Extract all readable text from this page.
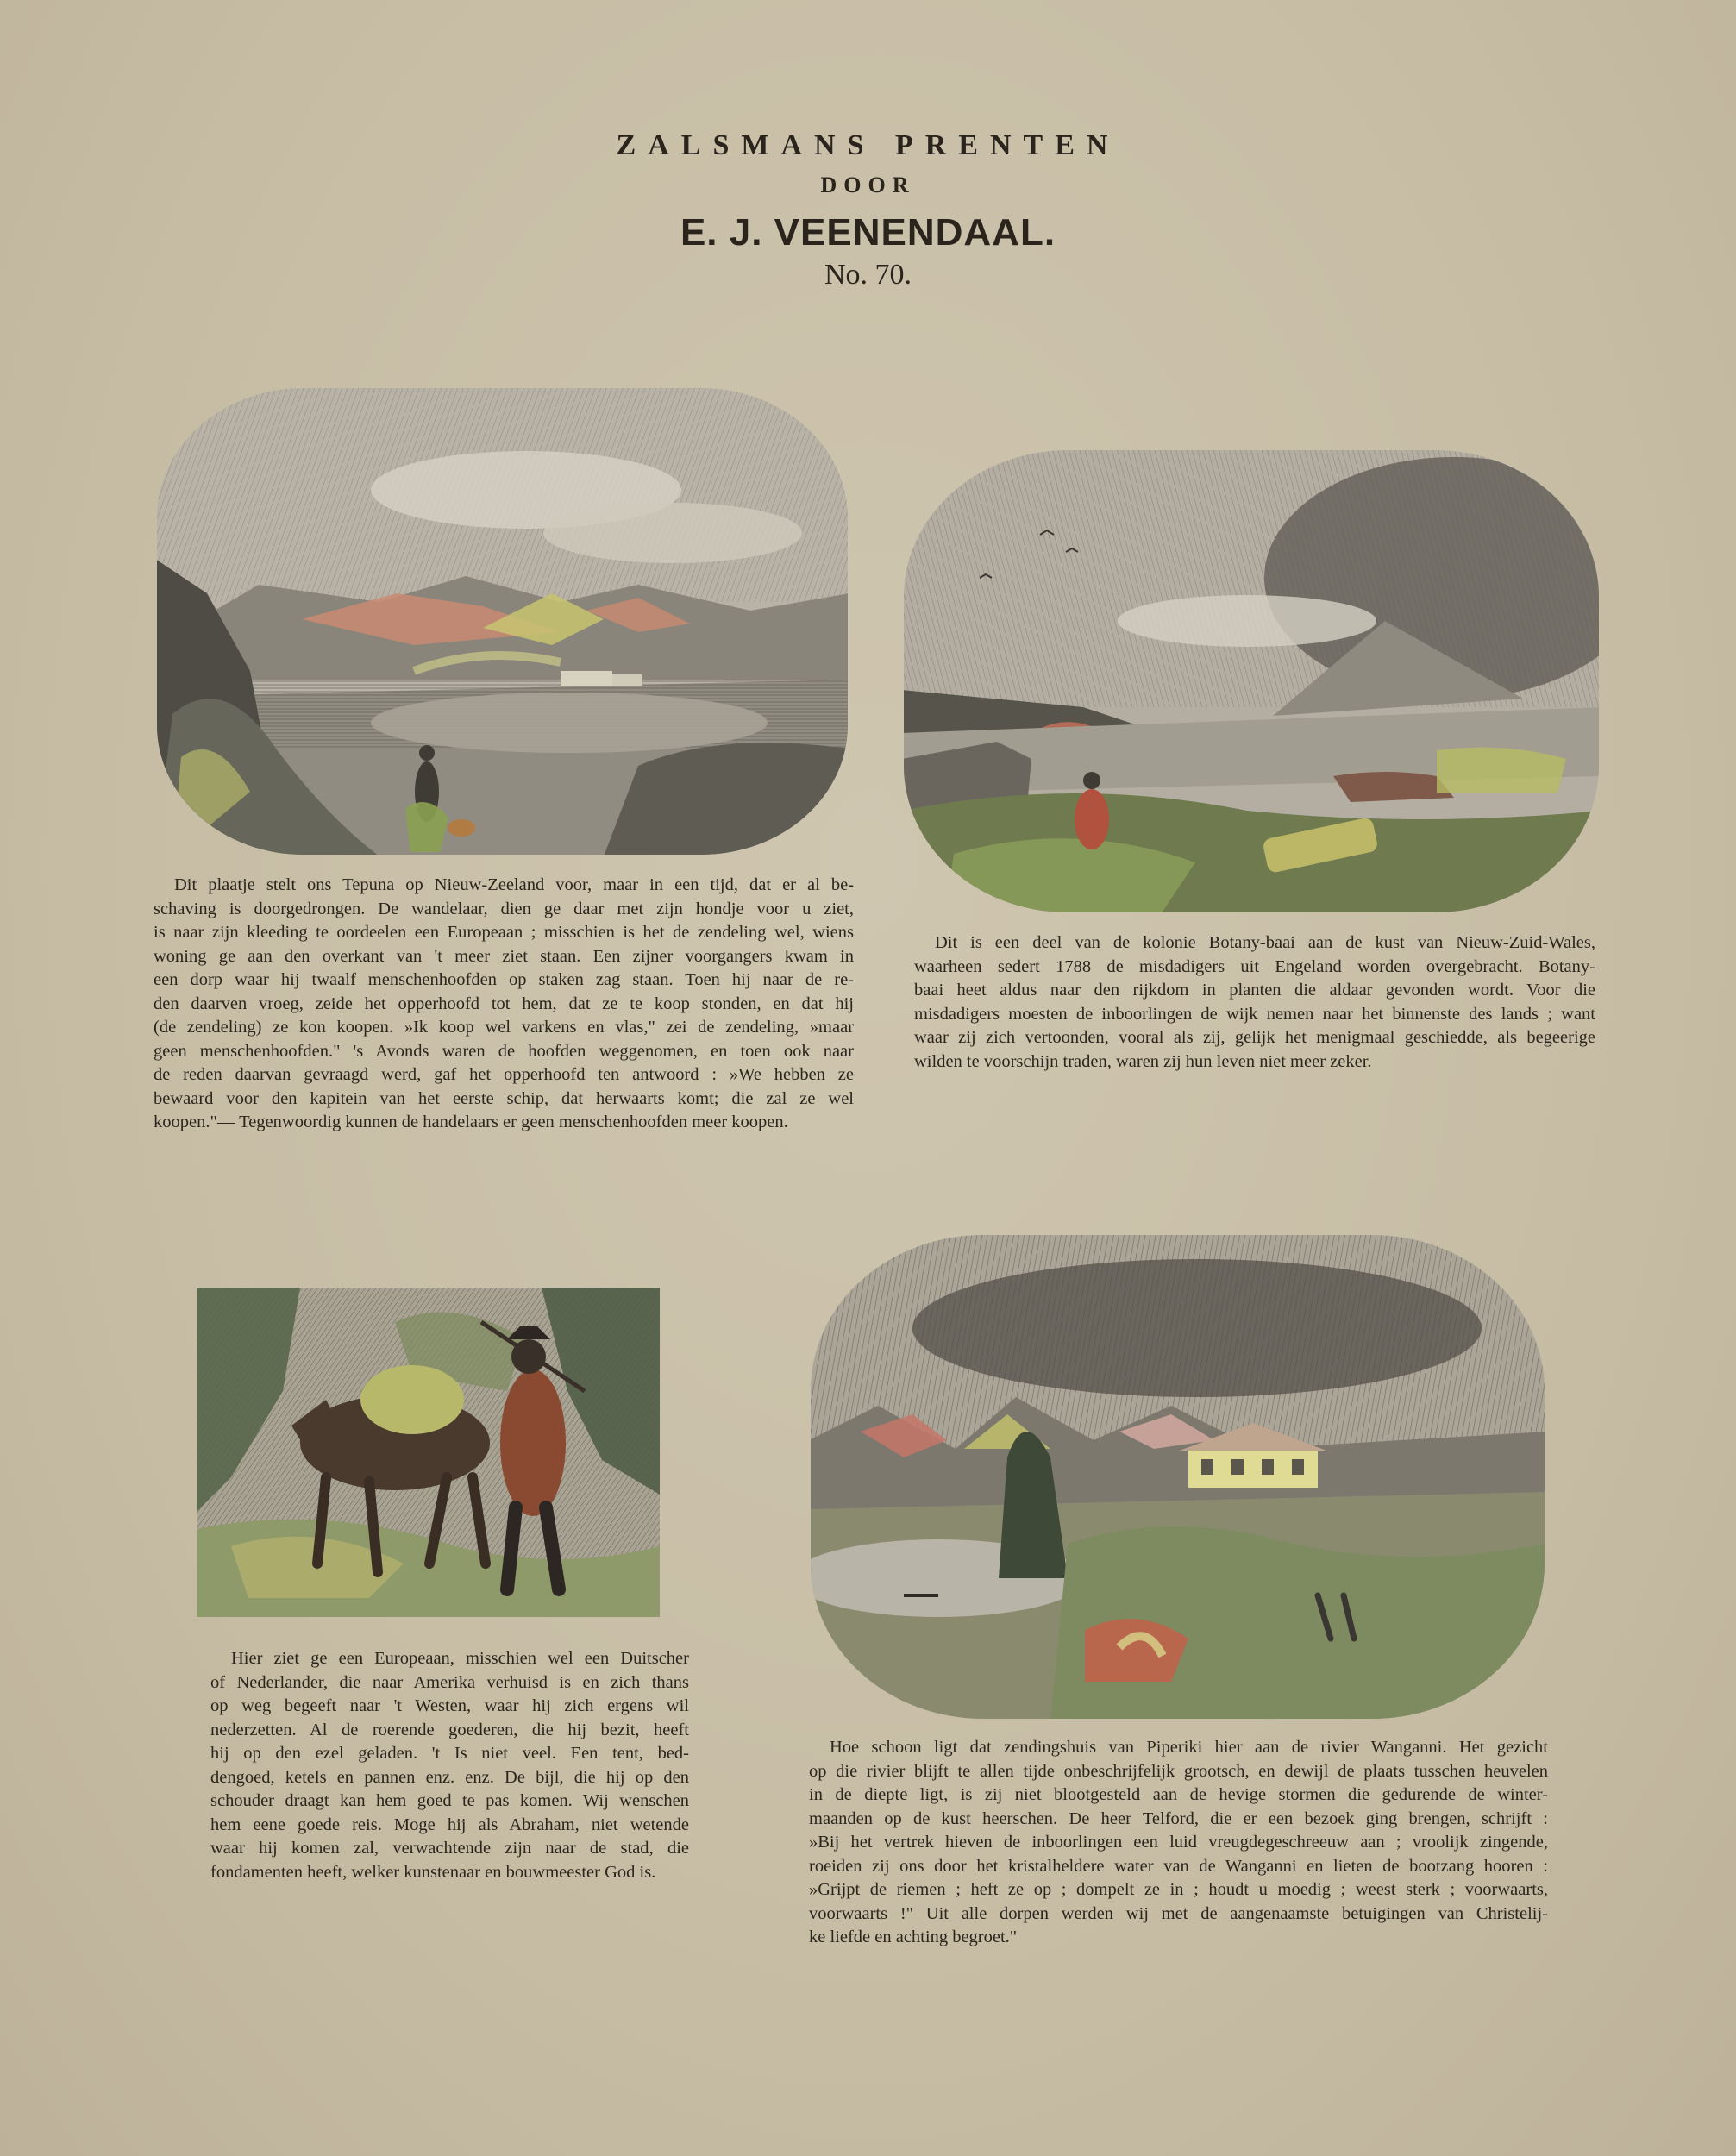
ZALSMANS PRENTEN
DOOR
E. J. VEENENDAAL.
No. 70.
Dit plaatje stelt ons Tepuna op Nieuw-Zeeland voor, maar in een tijd, dat er al be-
schaving is doorgedrongen. De wandelaar, dien ge daar met zijn hondje voor u ziet,
is naar zijn kleeding te oordeelen een Europeaan ; misschien is het de zendeling wel, wiens
woning ge aan den overkant van 't meer ziet staan. Een zijner voorgangers kwam in
een dorp waar hij twaalf menschenhoofden op staken zag staan. Toen hij naar de re-
den daarven vroeg, zeide het opperhoofd tot hem, dat ze te koop stonden, en dat hij
(de zendeling) ze kon koopen. »Ik koop wel varkens en vlas," zei de zendeling, »maar
geen menschenhoofden." 's Avonds waren de hoofden weggenomen, en toen ook naar
de reden daarvan gevraagd werd, gaf het opperhoofd ten antwoord : »We hebben ze
bewaard voor den kapitein van het eerste schip, dat herwaarts komt; die zal ze wel
koopen."— Tegenwoordig kunnen de handelaars er geen menschenhoofden meer koopen.
Dit is een deel van de kolonie Botany-baai aan de kust van Nieuw-Zuid-Wales,
waarheen sedert 1788 de misdadigers uit Engeland worden overgebracht. Botany-
baai heet aldus naar den rijkdom in planten die aldaar gevonden wordt. Voor die
misdadigers moesten de inboorlingen de wijk nemen naar het binnenste des lands ; want
waar zij zich vertoonden, vooral als zij, gelijk het menigmaal geschiedde, als begeerige
wilden te voorschijn traden, waren zij hun leven niet meer zeker.
Hier ziet ge een Europeaan, misschien wel een Duitscher
of Nederlander, die naar Amerika verhuisd is en zich thans
op weg begeeft naar 't Westen, waar hij zich ergens wil
nederzetten. Al de roerende goederen, die hij bezit, heeft
hij op den ezel geladen. 't Is niet veel. Een tent, bed-
dengoed, ketels en pannen enz. enz. De bijl, die hij op den
schouder draagt kan hem goed te pas komen. Wij wenschen
hem eene goede reis. Moge hij als Abraham, niet wetende
waar hij komen zal, verwachtende zijn naar de stad, die
fondamenten heeft, welker kunstenaar en bouwmeester God is.
Hoe schoon ligt dat zendingshuis van Piperiki hier aan de rivier Wanganni. Het gezicht
op die rivier blijft te allen tijde onbeschrijfelijk grootsch, en dewijl de plaats tusschen heuvelen
in de diepte ligt, is zij niet blootgesteld aan de hevige stormen die gedurende de winter-
maanden op de kust heerschen. De heer Telford, die er een bezoek ging brengen, schrijft :
»Bij het vertrek hieven de inboorlingen een luid vreugdegeschreeuw aan ; vroolijk zingende,
roeiden zij ons door het kristalheldere water van de Wanganni en lieten de bootzang hooren :
»Grijpt de riemen ; heft ze op ; dompelt ze in ; houdt u moedig ; weest sterk ; voorwaarts,
voorwaarts !" Uit alle dorpen werden wij met de aangenaamste betuigingen van Christelij-
ke liefde en achting begroet."
